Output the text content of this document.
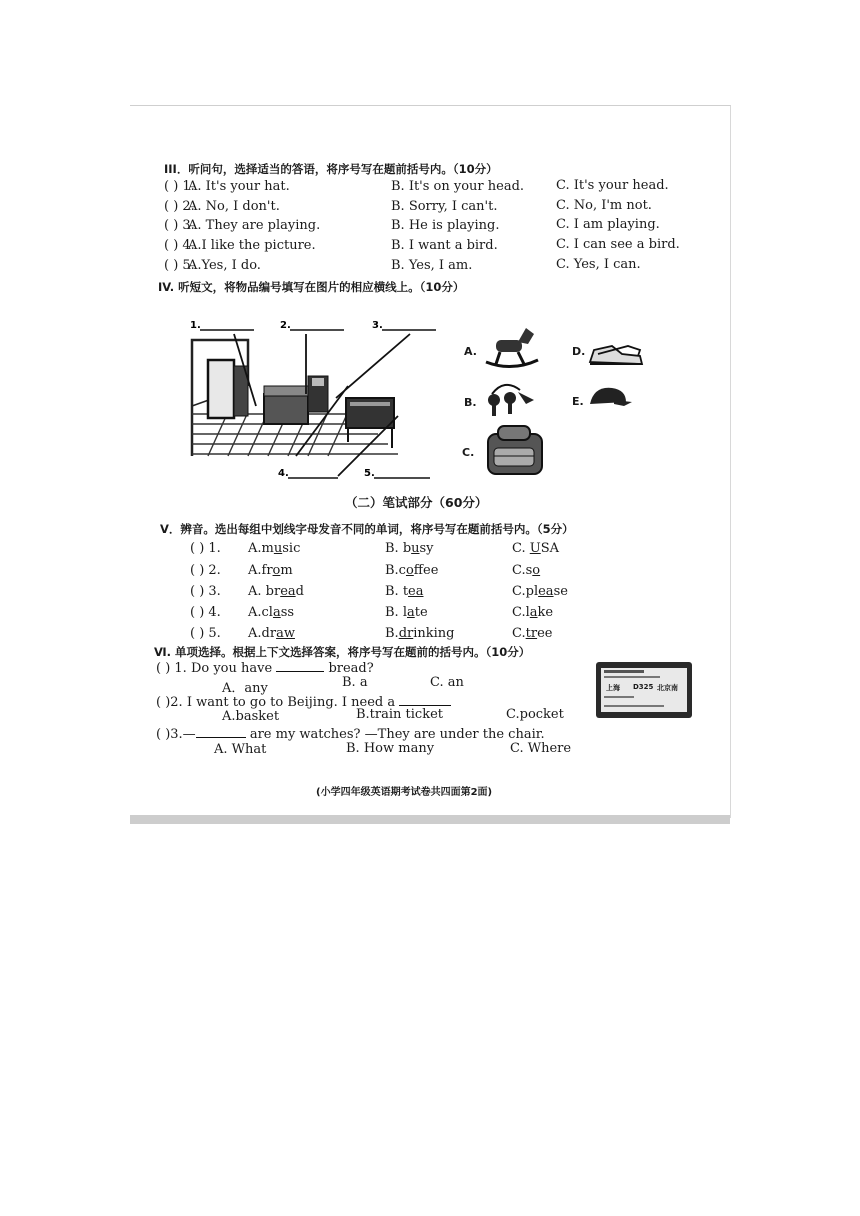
III．听问句，选择适当的答语，将序号写在题前括号内。（10分）
( ) 1.
A. It's your hat.	B. It's on your head. C. It's your head.
( ) 2.
A. No, I don't.	B. Sorry, I can't.	C. No, I'm not.
( ) 3.
A. They are playing.	B. He is playing.	C. I am playing.
( ) 4.
A.I like the picture.	B. I want a bird.	C. I can see a bird.
( ) 5.
A.Yes, I do.	B. Yes, I am.	C. Yes, I can.
IV. 听短文，将物品编号填写在图片的相应横线上。（10分）
1.	2.	3.
4.	5.
A.
B.
C.
D.
E.
（二）笔试部分（60分）
V．辨音。选出每组中划线字母发音不同的单词，将序号写在题前括号内。（5分）
( ) 1. A.music	B. busy	C. USA
( ) 2. A.from	B.coffee	C.so
( ) 3. A. bread	B. tea	C.please
( ) 4. A.class	B. late	C.lake
( ) 5. A.draw	B.drinking	C.tree
Ⅵ. 单项选择。根据上下文选择答案，将序号写在题前的括号内。（10分）
( ) 1. Do you have	bread?
A．any	B. a	C. an
( )2. I want to go to Beijing. I need a
A.basket	B.train ticket	C.pocket
( )3.—	are my watches? —They are under the chair.
A. What	B. How many	C. Where
上海 D325 北京南
(小学四年级英语期考试卷共四面第2面)
